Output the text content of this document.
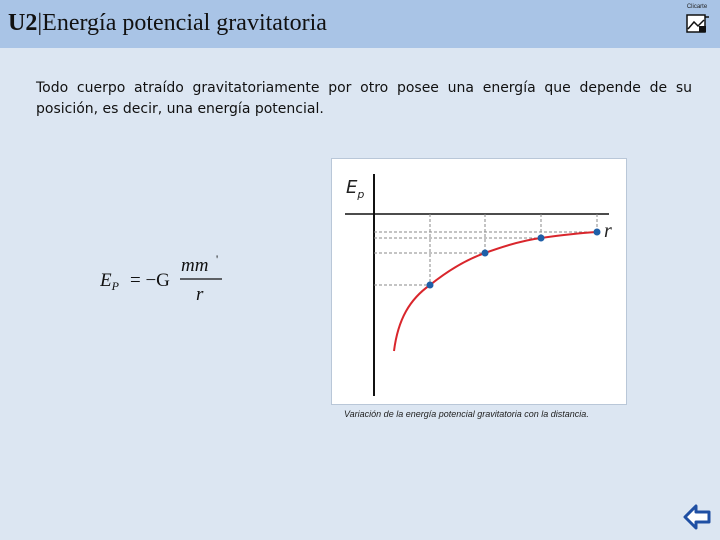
U2|Energía potencial gravitatoria
Clicarte
Todo cuerpo atraído gravitatoriamente por otro posee una energía que depende de su posición, es decir, una energía potencial.
$E_P = -G$
mm '
r
$E_p$
r
Variación de la energía potencial gravitatoria con la distancia.
